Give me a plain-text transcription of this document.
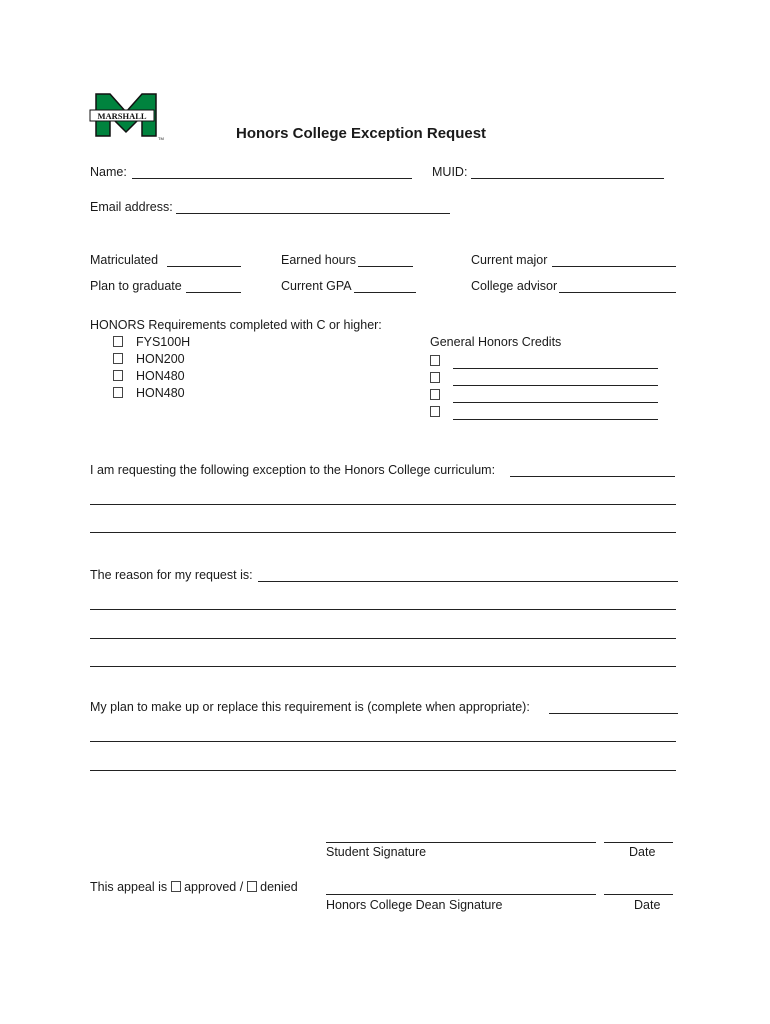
MARSHALL
TM	Honors College Exception Request
Name:	MUID:
Email address:
Matriculated	Earned hours	Current major
Plan to graduate	Current GPA	College advisor
HONORS Requirements completed with C or higher:
FYS100H
HON200
HON480
HON480
General Honors Credits
I am requesting the following exception to the Honors College curriculum:
The reason for my request is:
My plan to make up or replace this requirement is (complete when appropriate):
Student Signature	Date
This appeal is approved / denied
Honors College Dean Signature	Date
